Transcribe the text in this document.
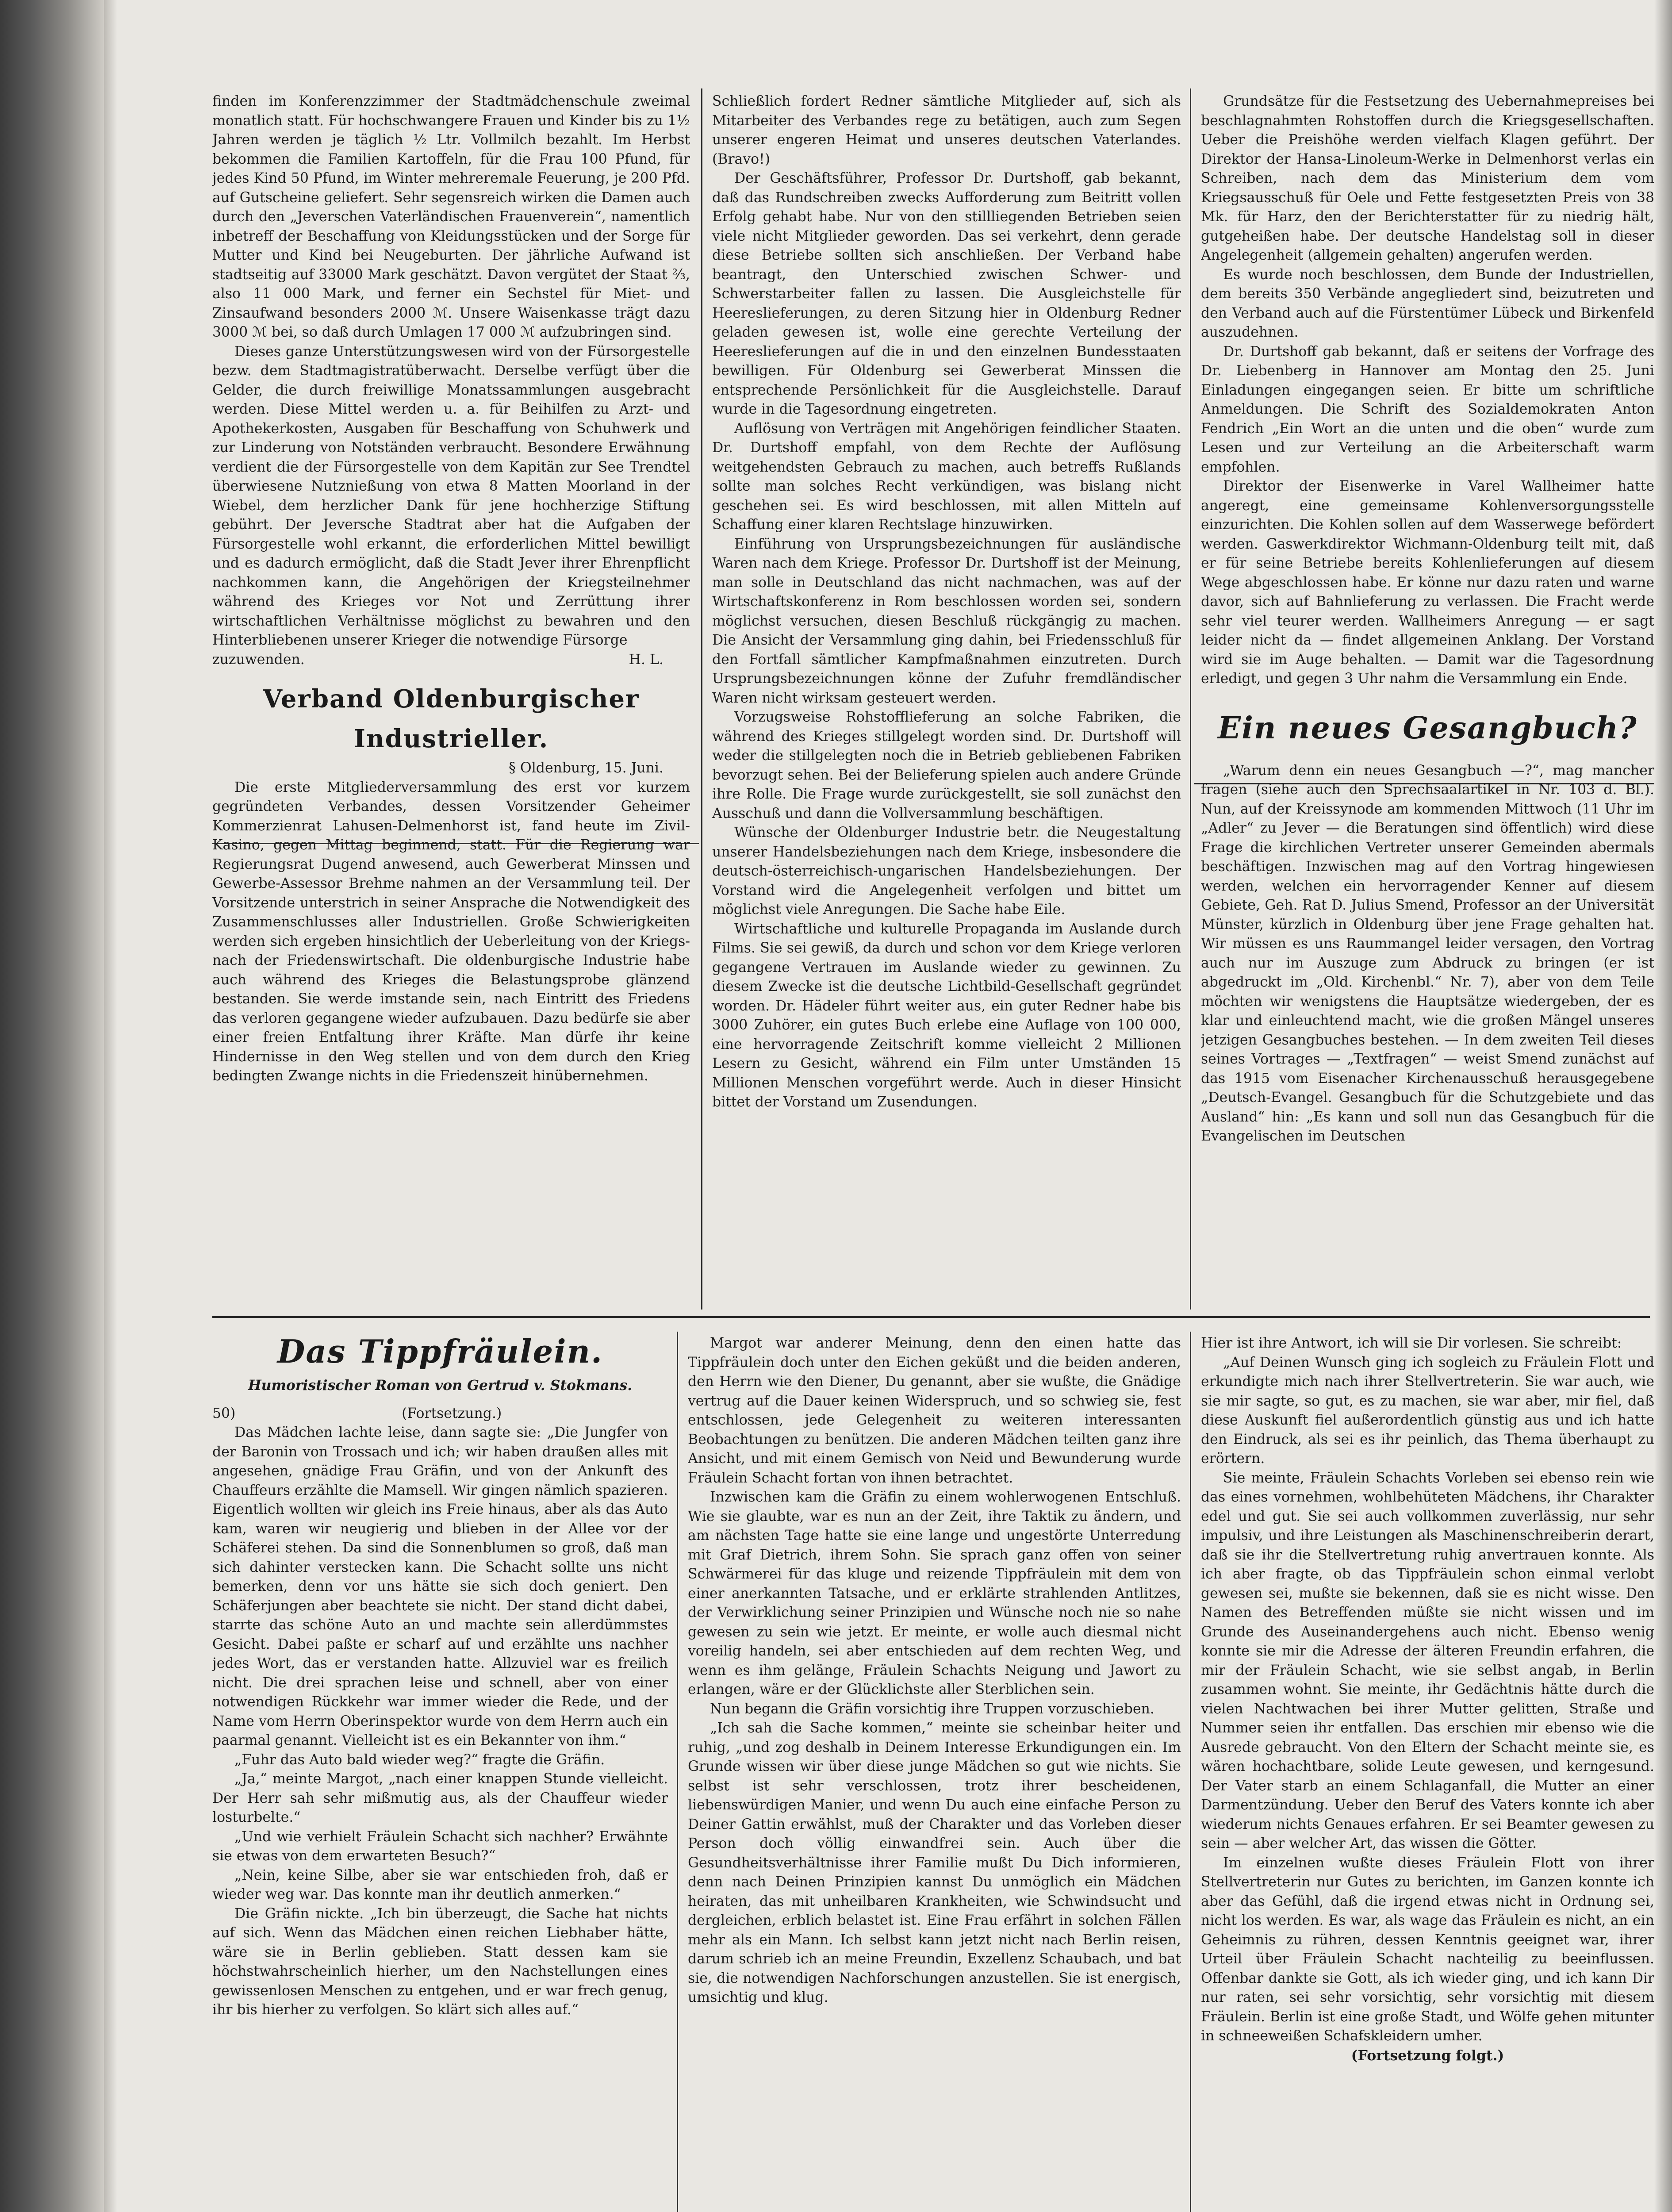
finden im Konferenzzimmer der Stadtmädchenschule zweimal monatlich statt. Für hochschwangere Frauen und Kinder bis zu 1½ Jahren werden je täglich ½ Ltr. Vollmilch bezahlt. Im Herbst bekommen die Familien Kartoffeln, für die Frau 100 Pfund, für jedes Kind 50 Pfund, im Winter mehreremale Feuerung, je 200 Pfd. auf Gutscheine geliefert. Sehr segensreich wirken die Damen auch durch den „Jeverschen Vaterländischen Frauenverein“, namentlich inbetreff der Beschaffung von Kleidungsstücken und der Sorge für Mutter und Kind bei Neugeburten. Der jährliche Aufwand ist stadtseitig auf 33000 Mark geschätzt. Davon vergütet der Staat ⅔, also 11 000 Mark, und ferner ein Sechstel für Miet- und Zinsaufwand besonders 2000 ℳ. Unsere Waisenkasse trägt dazu 3000 ℳ bei, so daß durch Umlagen 17 000 ℳ aufzubringen sind.

Dieses ganze Unterstützungswesen wird von der Fürsorgestelle bezw. dem Stadtmagistratüberwacht. Derselbe verfügt über die Gelder, die durch freiwillige Monatssammlungen ausgebracht werden. Diese Mittel werden u. a. für Beihilfen zu Arzt- und Apothekerkosten, Ausgaben für Beschaffung von Schuhwerk und zur Linderung von Notständen verbraucht. Besondere Erwähnung verdient die der Fürsorgestelle von dem Kapitän zur See Trendtel überwiesene Nutznießung von etwa 8 Matten Moorland in der Wiebel, dem herzlicher Dank für jene hochherzige Stiftung gebührt. Der Jeversche Stadtrat aber hat die Aufgaben der Fürsorgestelle wohl erkannt, die erforderlichen Mittel bewilligt und es dadurch ermöglicht, daß die Stadt Jever ihrer Ehrenpflicht nachkommen kann, die Angehörigen der Kriegsteilnehmer während des Krieges vor Not und Zerrüttung ihrer wirtschaftlichen Verhältnisse möglichst zu bewahren und den Hinterbliebenen unserer Krieger die notwendige Fürsorge

zuzuwenden.	H. L.
Verband Oldenburgischer Industrieller.

§ Oldenburg, 15. Juni.

Die erste Mitgliederversammlung des erst vor kurzem gegründeten Verbandes, dessen Vorsitzender Geheimer Kommerzienrat Lahusen-Delmenhorst ist, fand heute im Zivil-Kasino, gegen Mittag beginnend, statt. Für die Regierung war Regierungsrat Dugend anwesend, auch Gewerberat Minssen und Gewerbe-Assessor Brehme nahmen an der Versammlung teil. Der Vorsitzende unterstrich in seiner Ansprache die Notwendigkeit des Zusammenschlusses aller Industriellen. Große Schwierigkeiten werden sich ergeben hinsichtlich der Ueberleitung von der Kriegs- nach der Friedenswirtschaft. Die oldenburgische Industrie habe auch während des Krieges die Belastungsprobe glänzend bestanden. Sie werde imstande sein, nach Eintritt des Friedens das verloren gegangene wieder aufzubauen. Dazu bedürfe sie aber einer freien Entfaltung ihrer Kräfte. Man dürfe ihr keine Hindernisse in den Weg stellen und von dem durch den Krieg bedingten Zwange nichts in die Friedenszeit hinübernehmen.

Schließlich fordert Redner sämtliche Mitglieder auf, sich als Mitarbeiter des Verbandes rege zu betätigen, auch zum Segen unserer engeren Heimat und unseres deutschen Vaterlandes. (Bravo!)

Der Geschäftsführer, Professor Dr. Durtshoff, gab bekannt, daß das Rundschreiben zwecks Aufforderung zum Beitritt vollen Erfolg gehabt habe. Nur von den stillliegenden Betrieben seien viele nicht Mitglieder geworden. Das sei verkehrt, denn gerade diese Betriebe sollten sich anschließen. Der Verband habe beantragt, den Unterschied zwischen Schwer- und Schwerstarbeiter fallen zu lassen. Die Ausgleichstelle für Heereslieferungen, zu deren Sitzung hier in Oldenburg Redner geladen gewesen ist, wolle eine gerechte Verteilung der Heereslieferungen auf die in und den einzelnen Bundesstaaten bewilligen. Für Oldenburg sei Gewerberat Minssen die entsprechende Persönlichkeit für die Ausgleichstelle. Darauf wurde in die Tagesordnung eingetreten.

Auflösung von Verträgen mit Angehörigen feindlicher Staaten. Dr. Durtshoff empfahl, von dem Rechte der Auflösung weitgehendsten Gebrauch zu machen, auch betreffs Rußlands sollte man solches Recht verkündigen, was bislang nicht geschehen sei. Es wird beschlossen, mit allen Mitteln auf Schaffung einer klaren Rechtslage hinzuwirken.

Einführung von Ursprungsbezeichnungen für ausländische Waren nach dem Kriege. Professor Dr. Durtshoff ist der Meinung, man solle in Deutschland das nicht nachmachen, was auf der Wirtschaftskonferenz in Rom beschlossen worden sei, sondern möglichst versuchen, diesen Beschluß rückgängig zu machen. Die Ansicht der Versammlung ging dahin, bei Friedensschluß für den Fortfall sämtlicher Kampfmaßnahmen einzutreten. Durch Ursprungsbezeichnungen könne der Zufuhr fremdländischer Waren nicht wirksam gesteuert werden.

Vorzugsweise Rohstofflieferung an solche Fabriken, die während des Krieges stillgelegt worden sind. Dr. Durtshoff will weder die stillgelegten noch die in Betrieb gebliebenen Fabriken bevorzugt sehen. Bei der Belieferung spielen auch andere Gründe ihre Rolle. Die Frage wurde zurückgestellt, sie soll zunächst den Ausschuß und dann die Vollversammlung beschäftigen.

Wünsche der Oldenburger Industrie betr. die Neugestaltung unserer Handelsbeziehungen nach dem Kriege, insbesondere die deutsch-österreichisch-ungarischen Handelsbeziehungen. Der Vorstand wird die Angelegenheit verfolgen und bittet um möglichst viele Anregungen. Die Sache habe Eile.

Wirtschaftliche und kulturelle Propaganda im Auslande durch Films. Sie sei gewiß, da durch und schon vor dem Kriege verloren gegangene Vertrauen im Auslande wieder zu gewinnen. Zu diesem Zwecke ist die deutsche Lichtbild-Gesellschaft gegründet worden. Dr. Hädeler führt weiter aus, ein guter Redner habe bis 3000 Zuhörer, ein gutes Buch erlebe eine Auflage von 100 000, eine hervorragende Zeitschrift komme vielleicht 2 Millionen Lesern zu Gesicht, während ein Film unter Umständen 15 Millionen Menschen vorgeführt werde. Auch in dieser Hinsicht bittet der Vorstand um Zusendungen.

Grundsätze für die Festsetzung des Uebernahmepreises bei beschlagnahmten Rohstoffen durch die Kriegsgesellschaften. Ueber die Preishöhe werden vielfach Klagen geführt. Der Direktor der Hansa-Linoleum-Werke in Delmenhorst verlas ein Schreiben, nach dem das Ministerium dem vom Kriegsausschuß für Oele und Fette festgesetzten Preis von 38 Mk. für Harz, den der Berichterstatter für zu niedrig hält, gutgeheißen habe. Der deutsche Handelstag soll in dieser Angelegenheit (allgemein gehalten) angerufen werden.

Es wurde noch beschlossen, dem Bunde der Industriellen, dem bereits 350 Verbände angegliedert sind, beizutreten und den Verband auch auf die Fürstentümer Lübeck und Birkenfeld auszudehnen.

Dr. Durtshoff gab bekannt, daß er seitens der Vorfrage des Dr. Liebenberg in Hannover am Montag den 25. Juni Einladungen eingegangen seien. Er bitte um schriftliche Anmeldungen. Die Schrift des Sozialdemokraten Anton Fendrich „Ein Wort an die unten und die oben“ wurde zum Lesen und zur Verteilung an die Arbeiterschaft warm empfohlen.

Direktor der Eisenwerke in Varel Wallheimer hatte angeregt, eine gemeinsame Kohlenversorgungsstelle einzurichten. Die Kohlen sollen auf dem Wasserwege befördert werden. Gaswerkdirektor Wichmann-Oldenburg teilt mit, daß er für seine Betriebe bereits Kohlenlieferungen auf diesem Wege abgeschlossen habe. Er könne nur dazu raten und warne davor, sich auf Bahnlieferung zu verlassen. Die Fracht werde sehr viel teurer werden. Wallheimers Anregung — er sagt leider nicht da — findet allgemeinen Anklang. Der Vorstand wird sie im Auge behalten. — Damit war die Tagesordnung erledigt, und gegen 3 Uhr nahm die Versammlung ein Ende.

Ein neues Gesangbuch?

„Warum denn ein neues Gesangbuch —?“, mag mancher fragen (siehe auch den Sprechsaalartikel in Nr. 103 d. Bl.). Nun, auf der Kreissynode am kommenden Mittwoch (11 Uhr im „Adler“ zu Jever — die Beratungen sind öffentlich) wird diese Frage die kirchlichen Vertreter unserer Gemeinden abermals beschäftigen. Inzwischen mag auf den Vortrag hingewiesen werden, welchen ein hervorragender Kenner auf diesem Gebiete, Geh. Rat D. Julius Smend, Professor an der Universität Münster, kürzlich in Oldenburg über jene Frage gehalten hat. Wir müssen es uns Raummangel leider versagen, den Vortrag auch nur im Auszuge zum Abdruck zu bringen (er ist abgedruckt im „Old. Kirchenbl.“ Nr. 7), aber von dem Teile möchten wir wenigstens die Hauptsätze wiedergeben, der es klar und einleuchtend macht, wie die großen Mängel unseres jetzigen Gesangbuches bestehen. — In dem zweiten Teil dieses seines Vortrages — „Textfragen“ — weist Smend zunächst auf das 1915 vom Eisenacher Kirchenausschuß herausgegebene „Deutsch-Evangel. Gesangbuch für die Schutzgebiete und das Ausland“ hin: „Es kann und soll nun das Gesangbuch für die Evangelischen im Deutschen

Das Tippfräulein.
Humoristischer Roman von Gertrud v. Stokmans.
50)	(Fortsetzung.)

Das Mädchen lachte leise, dann sagte sie: „Die Jungfer von der Baronin von Trossach und ich; wir haben draußen alles mit angesehen, gnädige Frau Gräfin, und von der Ankunft des Chauffeurs erzählte die Mamsell. Wir gingen nämlich spazieren. Eigentlich wollten wir gleich ins Freie hinaus, aber als das Auto kam, waren wir neugierig und blieben in der Allee vor der Schäferei stehen. Da sind die Sonnenblumen so groß, daß man sich dahinter verstecken kann. Die Schacht sollte uns nicht bemerken, denn vor uns hätte sie sich doch geniert. Den Schäferjungen aber beachtete sie nicht. Der stand dicht dabei, starrte das schöne Auto an und machte sein allerdümmstes Gesicht. Dabei paßte er scharf auf und erzählte uns nachher jedes Wort, das er verstanden hatte. Allzuviel war es freilich nicht. Die drei sprachen leise und schnell, aber von einer notwendigen Rückkehr war immer wieder die Rede, und der Name vom Herrn Oberinspektor wurde von dem Herrn auch ein paarmal genannt. Vielleicht ist es ein Bekannter von ihm.“

„Fuhr das Auto bald wieder weg?“ fragte die Gräfin.

„Ja,“ meinte Margot, „nach einer knappen Stunde vielleicht. Der Herr sah sehr mißmutig aus, als der Chauffeur wieder losturbelte.“

„Und wie verhielt Fräulein Schacht sich nachher? Erwähnte sie etwas von dem erwarteten Besuch?“

„Nein, keine Silbe, aber sie war entschieden froh, daß er wieder weg war. Das konnte man ihr deutlich anmerken.“

Die Gräfin nickte. „Ich bin überzeugt, die Sache hat nichts auf sich. Wenn das Mädchen einen reichen Liebhaber hätte, wäre sie in Berlin geblieben. Statt dessen kam sie höchstwahrscheinlich hierher, um den Nachstellungen eines gewissenlosen Menschen zu entgehen, und er war frech genug, ihr bis hierher zu verfolgen. So klärt sich alles auf.“

Margot war anderer Meinung, denn den einen hatte das Tippfräulein doch unter den Eichen geküßt und die beiden anderen, den Herrn wie den Diener, Du genannt, aber sie wußte, die Gnädige vertrug auf die Dauer keinen Widerspruch, und so schwieg sie, fest entschlossen, jede Gelegenheit zu weiteren interessanten Beobachtungen zu benützen. Die anderen Mädchen teilten ganz ihre Ansicht, und mit einem Gemisch von Neid und Bewunderung wurde Fräulein Schacht fortan von ihnen betrachtet.

Inzwischen kam die Gräfin zu einem wohlerwogenen Entschluß. Wie sie glaubte, war es nun an der Zeit, ihre Taktik zu ändern, und am nächsten Tage hatte sie eine lange und ungestörte Unterredung mit Graf Dietrich, ihrem Sohn. Sie sprach ganz offen von seiner Schwärmerei für das kluge und reizende Tippfräulein mit dem von einer anerkannten Tatsache, und er erklärte strahlenden Antlitzes, der Verwirklichung seiner Prinzipien und Wünsche noch nie so nahe gewesen zu sein wie jetzt. Er meinte, er wolle auch diesmal nicht voreilig handeln, sei aber entschieden auf dem rechten Weg, und wenn es ihm gelänge, Fräulein Schachts Neigung und Jawort zu erlangen, wäre er der Glücklichste aller Sterblichen sein.

Nun begann die Gräfin vorsichtig ihre Truppen vorzuschieben.

„Ich sah die Sache kommen,“ meinte sie scheinbar heiter und ruhig, „und zog deshalb in Deinem Interesse Erkundigungen ein. Im Grunde wissen wir über diese junge Mädchen so gut wie nichts. Sie selbst ist sehr verschlossen, trotz ihrer bescheidenen, liebenswürdigen Manier, und wenn Du auch eine einfache Person zu Deiner Gattin erwählst, muß der Charakter und das Vorleben dieser Person doch völlig einwandfrei sein. Auch über die Gesundheitsverhältnisse ihrer Familie mußt Du Dich informieren, denn nach Deinen Prinzipien kannst Du unmöglich ein Mädchen heiraten, das mit unheilbaren Krankheiten, wie Schwindsucht und dergleichen, erblich belastet ist. Eine Frau erfährt in solchen Fällen mehr als ein Mann. Ich selbst kann jetzt nicht nach Berlin reisen, darum schrieb ich an meine Freundin, Exzellenz Schaubach, und bat sie, die notwendigen Nachforschungen anzustellen. Sie ist energisch, umsichtig und klug.

Hier ist ihre Antwort, ich will sie Dir vorlesen. Sie schreibt:

„Auf Deinen Wunsch ging ich sogleich zu Fräulein Flott und erkundigte mich nach ihrer Stellvertreterin. Sie war auch, wie sie mir sagte, so gut, es zu machen, sie war aber, mir fiel, daß diese Auskunft fiel außerordentlich günstig aus und ich hatte den Eindruck, als sei es ihr peinlich, das Thema überhaupt zu erörtern.

Sie meinte, Fräulein Schachts Vorleben sei ebenso rein wie das eines vornehmen, wohlbehüteten Mädchens, ihr Charakter edel und gut. Sie sei auch vollkommen zuverlässig, nur sehr impulsiv, und ihre Leistungen als Maschinenschreiberin derart, daß sie ihr die Stellvertretung ruhig anvertrauen konnte. Als ich aber fragte, ob das Tippfräulein schon einmal verlobt gewesen sei, mußte sie bekennen, daß sie es nicht wisse. Den Namen des Betreffenden müßte sie nicht wissen und im Grunde des Auseinandergehens auch nicht. Ebenso wenig konnte sie mir die Adresse der älteren Freundin erfahren, die mir der Fräulein Schacht, wie sie selbst angab, in Berlin zusammen wohnt. Sie meinte, ihr Gedächtnis hätte durch die vielen Nachtwachen bei ihrer Mutter gelitten, Straße und Nummer seien ihr entfallen. Das erschien mir ebenso wie die Ausrede gebraucht. Von den Eltern der Schacht meinte sie, es wären hochachtbare, solide Leute gewesen, und kerngesund. Der Vater starb an einem Schlaganfall, die Mutter an einer Darmentzündung. Ueber den Beruf des Vaters konnte ich aber wiederum nichts Genaues erfahren. Er sei Beamter gewesen zu sein — aber welcher Art, das wissen die Götter.

Im einzelnen wußte dieses Fräulein Flott von ihrer Stellvertreterin nur Gutes zu berichten, im Ganzen konnte ich aber das Gefühl, daß die irgend etwas nicht in Ordnung sei, nicht los werden. Es war, als wage das Fräulein es nicht, an ein Geheimnis zu rühren, dessen Kenntnis geeignet war, ihrer Urteil über Fräulein Schacht nachteilig zu beeinflussen. Offenbar dankte sie Gott, als ich wieder ging, und ich kann Dir nur raten, sei sehr vorsichtig, sehr vorsichtig mit diesem Fräulein. Berlin ist eine große Stadt, und Wölfe gehen mitunter in schneeweißen Schafskleidern umher.

(Fortsetzung folgt.)
